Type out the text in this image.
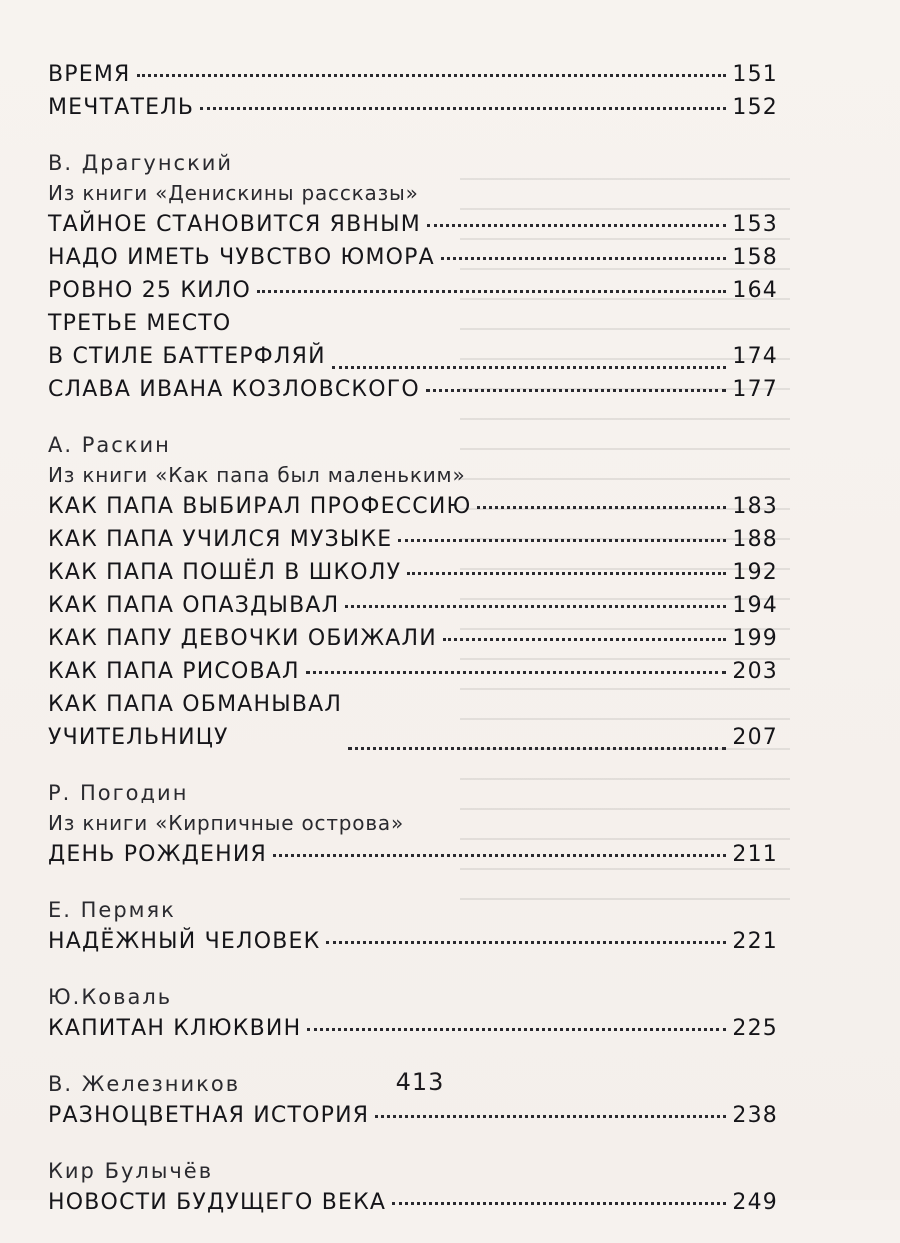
ВРЕМЯ	151
МЕЧТАТЕЛЬ	152
В. Драгунский
Из книги «Денискины рассказы»
ТАЙНОЕ СТАНОВИТСЯ ЯВНЫМ	153
НАДО ИМЕТЬ ЧУВСТВО ЮМОРА	158
РОВНО 25 КИЛО	164
ТРЕТЬЕ МЕСТО
В СТИЛЕ БАТТЕРФЛЯЙ	174
СЛАВА ИВАНА КОЗЛОВСКОГО	177
А. Раскин
Из книги «Как папа был маленьким»
КАК ПАПА ВЫБИРАЛ ПРОФЕССИЮ	183
КАК ПАПА УЧИЛСЯ МУЗЫКЕ	188
КАК ПАПА ПОШЁЛ В ШКОЛУ	192
КАК ПАПА ОПАЗДЫВАЛ	194
КАК ПАПУ ДЕВОЧКИ ОБИЖАЛИ	199
КАК ПАПА РИСОВАЛ	203
КАК ПАПА ОБМАНЫВАЛ
УЧИТЕЛЬНИЦУ	207
Р. Погодин
Из книги «Кирпичные острова»
ДЕНЬ РОЖДЕНИЯ	211
Е. Пермяк
НАДЁЖНЫЙ ЧЕЛОВЕК	221
Ю.Коваль
КАПИТАН КЛЮКВИН	225
В. Железников
РАЗНОЦВЕТНАЯ ИСТОРИЯ	238
Кир Булычёв
НОВОСТИ БУДУЩЕГО ВЕКА	249
413
